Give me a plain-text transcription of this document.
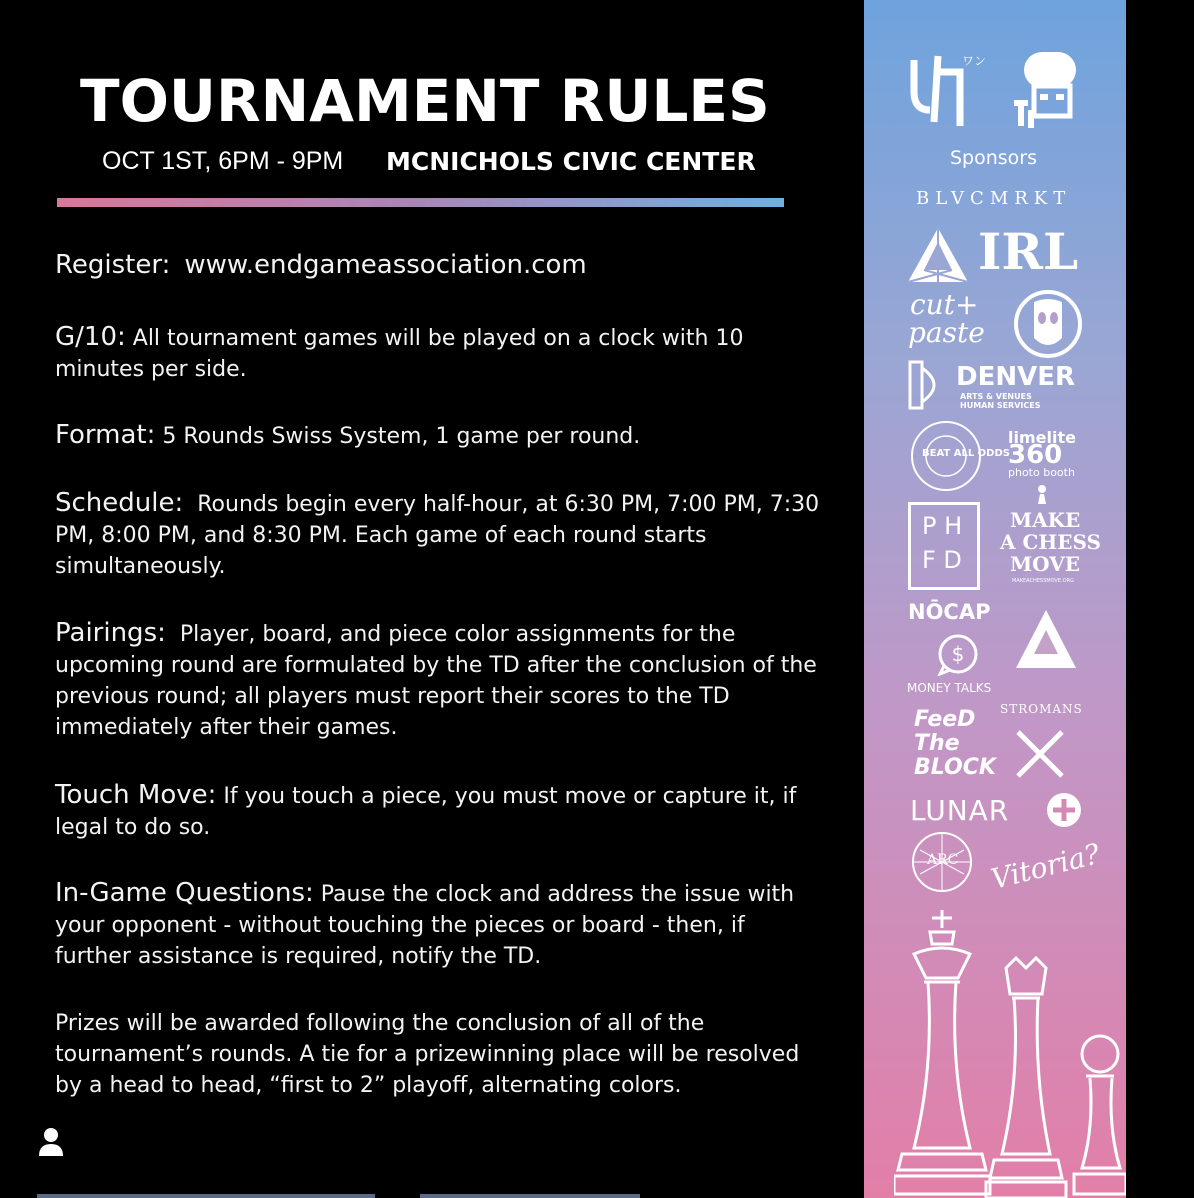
TOURNAMENT RULES
OCT 1ST, 6PM - 9PM MCNICHOLS CIVIC CENTER
Register: www.endgameassociation.com
G/10: All tournament games will be played on a clock with 10 minutes per side.
Format: 5 Rounds Swiss System, 1 game per round.
Schedule: Rounds begin every half-hour, at 6:30 PM, 7:00 PM, 7:30 PM, 8:00 PM, and 8:30 PM. Each game of each round starts simultaneously.
Pairings: Player, board, and piece color assignments for the upcoming round are formulated by the TD after the conclusion of the previous round; all players must report their scores to the TD immediately after their games.
Touch Move: If you touch a piece, you must move or capture it, if legal to do so.
In-Game Questions: Pause the clock and address the issue with your opponent - without touching the pieces or board - then, if further assistance is required, notify the TD.
Prizes will be awarded following the conclusion of all of the tournament’s rounds. A tie for a prizewinning place will be resolved by a head to head, “first to 2” playoff, alternating colors.
ワン
Sponsors
BLVCMRKT
IRL
cut+
paste
DENVER
ARTS & VENUES
HUMAN SERVICES
BEAT ALL ODDS
limelite
360
photo booth
P H
F D
MAKE
A CHESS
MOVE
MAKEACHESSMOVE.ORG
NŌCAP
$
MONEY TALKS
FeeD The BLOCK
STROMANS
LUNAR
ARC Vitoria?
